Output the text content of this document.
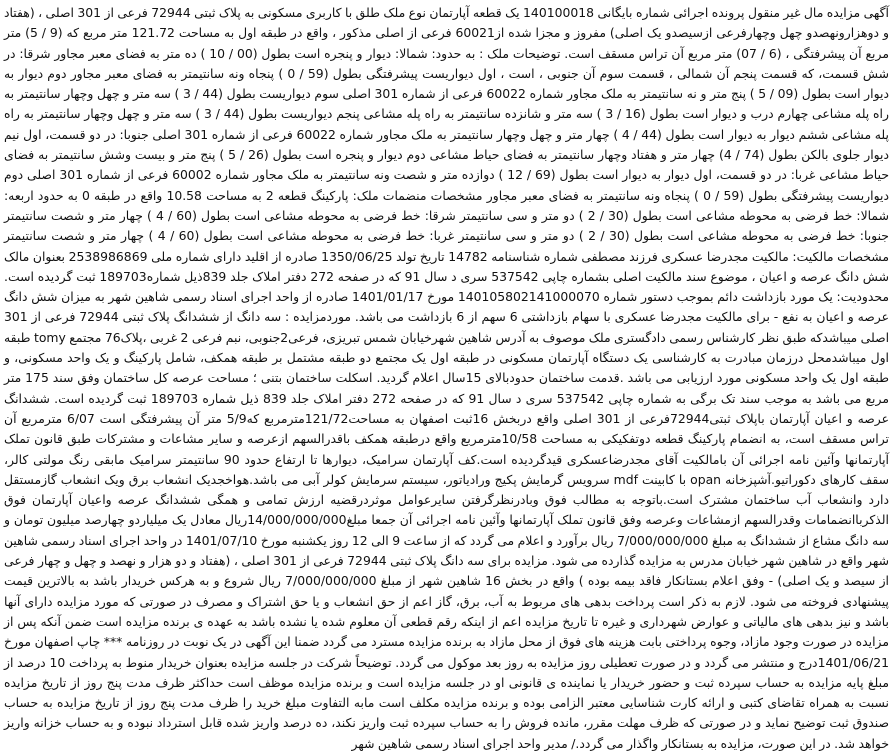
آگهی مزایده مال غیر منقول پرونده اجرائی شماره بایگانی 140100018 یک قطعه آپارتمان نوع ملک طلق با کاربری مسکونی به پلاک ثبتی 72944 فرعی از 301 اصلی ، (هفتاد و دوهزارونهصدو چهل وچهارفرعی ازسیصدو یک اصلی) مفروز و مجزا شده از60021 فرعی از اصلی مذکور ، واقع در طبقه اول به مساحت 121.72 متر مربع که (9 / 5) متر مربع آن پیشرفتگی ، (6 / 07) متر مربع آن تراس مسقف است. توضیحات ملک : به حدود: شمالا: دیوار و پنجره است بطول (00 / 10 ) ده متر به فضای معبر مجاور شرقا: در شش قسمت، که قسمت پنجم آن شمالی ، قسمت سوم آن جنوبی ، است ، اول دیواریست پیشرفتگی بطول (59 / 0 ) پنجاه ونه سانتیمتر به فضای معبر مجاور دوم دیوار به دیوار است بطول (09 / 5 ) پنج متر و نه سانتیمتر به ملک مجاور شماره 60022 فرعی از شماره 301 اصلی سوم دیواریست بطول (44 / 3 ) سه متر و چهل وچهار سانتیمتر به راه پله مشاعی چهارم درب و دیوار است بطول (16 / 3 ) سه متر و شانزده سانتیمتر به راه پله مشاعی پنجم دیواریست بطول (44 / 3 ) سه متر و چهل وچهار سانتیمتر به راه پله مشاعی ششم دیوار به دیوار است بطول (44 / 4 ) چهار متر و چهل وچهار سانتیمتر به ملک مجاور شماره 60022 فرعی از شماره 301 اصلی جنوبا: در دو قسمت، اول نیم دیوار جلوی بالکن بطول (74 / 4) چهار متر و هفتاد وچهار سانتیمتر به فضای حیاط مشاعی دوم دیوار و پنجره است بطول (26 / 5 ) پنج متر و بیست وشش سانتیمتر به فضای حیاط مشاعی غربا: در دو قسمت، اول دیوار به دیوار است بطول (69 / 12 ) دوازده متر و شصت ونه سانتیمتر به ملک مجاور شماره 60002 فرعی از شماره 301 اصلی دوم دیواریست پیشرفتگی بطول (59 / 0 ) پنجاه ونه سانتیمتر به فضای معبر مجاور مشخصات منضمات ملک: پارکینگ قطعه 2 به مساحت 10.58 واقع در طبقه 0 به حدود اربعه: شمالا: خط فرضی به محوطه مشاعی است بطول (30 / 2 ) دو متر و سی سانتیمتر شرقا: خط فرضی به محوطه مشاعی است بطول (60 / 4 ) چهار متر و شصت سانتیمتر جنوبا: خط فرضی به محوطه مشاعی است بطول (30 / 2 ) دو متر و سی سانتیمتر غربا: خط فرضی به محوطه مشاعی است بطول (60 / 4 ) چهار متر و شصت سانتیمتر مشخصات مالکیت: مالکیت مجدرضا عسکری فرزند مصطفی شماره شناسنامه 14782 تاریخ تولد 1350/06/25 صادره از اقلید دارای شماره ملی 2538986869 بعنوان مالک شش دانگ عرصه و اعیان ، موضوع سند مالکیت اصلی بشماره چاپی 537542 سری د سال 91 که در صفحه 272 دفتر املاک جلد 839ذیل شماره189703 ثبت گردیده است. محدودیت: یک مورد بازداشت دائم بموجب دستور شماره 140105802141000070 مورخ 1401/01/17 صادره از واحد اجرای اسناد رسمی شاهین شهر به میزان شش دانگ عرصه و اعیان به نفع - برای مالکیت مجدرضا عسکری با سهام بازداشتی 6 سهم از 6 بازداشت می باشد. موردمزایده : سه دانگ از ششدانگ پلاک ثبتی 72944 فرعی از 301 اصلی میباشدکه طبق نظر کارشناس رسمی دادگستری ملک موصوف به آدرس شاهین شهرخیابان شمس تبریزی، فرعی2جنوبی، نبم فرعی 2 غربی ،پلاک76 مجتمع tomy طبقه اول میباشدمحل درزمان مبادرت به کارشناسی یک دستگاه آپارتمان مسکونی در طبقه اول یک مجتمع دو طبقه مشتمل بر طبقه همکف، شامل پارکینگ و یک واحد مسکونی، و طبقه اول یک واحد مسکونی مورد ارزیابی می باشد .قدمت ساختمان حدودبالای 15سال اعلام گردید. اسکلت ساختمان بتنی ؛ مساحت عرصه کل ساختمان وفق سند 175 متر مربع می باشد به موجب سند تک برگی به شماره چاپی 537542 سری د سال 91 که در صفحه 272 دفتر املاک جلد 839 ذیل شماره 189703 ثبت گردیده است. ششدانگ عرصه و اعیان آپارتمان باپلاک ثبتی72944فرعی از 301 اصلی واقع دربخش 16ثبت اصفهان به مساحت121/72مترمربع که5/9 متر آن پیشرفتگی است 6/07 مترمربع آن تراس مسقف است، به انضمام پارکینگ قطعه دوتفکیکی به مساحت 10/58مترمربع واقع درطبقه همکف باقدرالسهم ازعرصه و سایر مشاعات و مشترکات طبق قانون تملک آپارتمانها وآئین نامه اجرائی آن بامالکیت آقای مجدرضاعسکری قیدگردیده است.کف آپارتمان سرامیک، دیوارها تا ارتفاع حدود 90 سانتیمتر سرامیک مابقی رنگ مولتی کالر، سقف کارهای دکوراتیو.آشپزخانه opan با کابینت mdf سرویس گرمایش پکیج ورادیاتور، سیستم سرمایش کولر آبی می باشد.هواخجدیک انشعاب برق ویک انشعاب گازمستقل دارد وانشعاب آب ساختمان مشترک است.باتوجه به مطالب فوق وبادرنظرگرفتن سایرعوامل موثردرقضیه ارزش تمامی و همگی ششدانگ عرصه واعیان آپارتمان فوق الذکرباانضمامات وقدرالسهم ازمشاعات وعرصه وفق قانون تملک آپارتمانها وآئین نامه اجرائی آن جمعا مبلغ14/000/000/000ریال معادل یک میلیاردو چهارصد میلیون تومان و سه دانگ مشاع از ششدانگ به مبلغ 7/000/000/000 ریال برآورد و اعلام می گردد که از ساعت 9 الی 12 روز یکشنبه مورخ 1401/07/10 در واحد اجرای اسناد رسمی شاهین شهر واقع در شاهین شهر خیابان مدرس به مزایده گذارده می شود. مزایده برای سه دانگ پلاک ثبتی 72944 فرعی از 301 اصلی ، (هفتاد و دو هزار و نهصد و چهل و چهار فرعی از سیصد و یک اصلی) - وفق اعلام بستانکار فاقد بیمه بوده ) واقع در بخش 16 شاهین شهر از مبلغ 7/000/000/000 ریال شروع و به هرکس خریدار باشد به بالاترین قیمت پیشنهادی فروخته می شود. لازم به ذکر است پرداخت بدهی های مربوط به آب، برق، گاز اعم از حق انشعاب و یا حق اشتراک و مصرف در صورتی که مورد مزایده دارای آنها باشد و نیز بدهی های مالیاتی و عوارض شهرداری و غیره تا تاریخ مزایده اعم از اینکه رقم قطعی آن معلوم شده یا نشده باشد به عهده ی برنده مزایده است ضمن آنکه پس از مزایده در صورت وجود مازاد، وجوه پرداختی بابت هزینه های فوق از محل مازاد به برنده مزایده مسترد می گردد ضمنا این آگهی در یک نوبت در روزنامه *** چاپ اصفهان مورخ 1401/06/21درج و منتشر می گردد و در صورت تعطیلی روز مزایده به روز بعد موکول می گردد. توضیحاً شرکت در جلسه مزایده بعنوان خریدار منوط به پرداخت 10 درصد از مبلغ پایه مزایده به حساب سپرده ثبت و حضور خریدار یا نماینده ی قانونی او در جلسه مزایده است و برنده مزایده موظف است حداکثر ظرف مدت پنج روز از تاریخ مزایده نسبت به همراه تقاضای کتبی و ارائه کارت شناسایی معتبر الزامی بوده و برنده مزایده مکلف است مابه التفاوت مبلغ خرید را ظرف مدت پنج روز از تاریخ مزایده به حساب صندوق ثبت توضیح نماید و در صورتی که ظرف مهلت مقرر، مانده فروش را به حساب سپرده ثبت واریز نکند، ده درصد واریز شده قابل استرداد نبوده و به حساب خزانه واریز خواهد شد. در این صورت، مزایده به بستانکار واگذار می گردد./ مدیر واحد اجرای اسناد رسمی شاهین شهر
